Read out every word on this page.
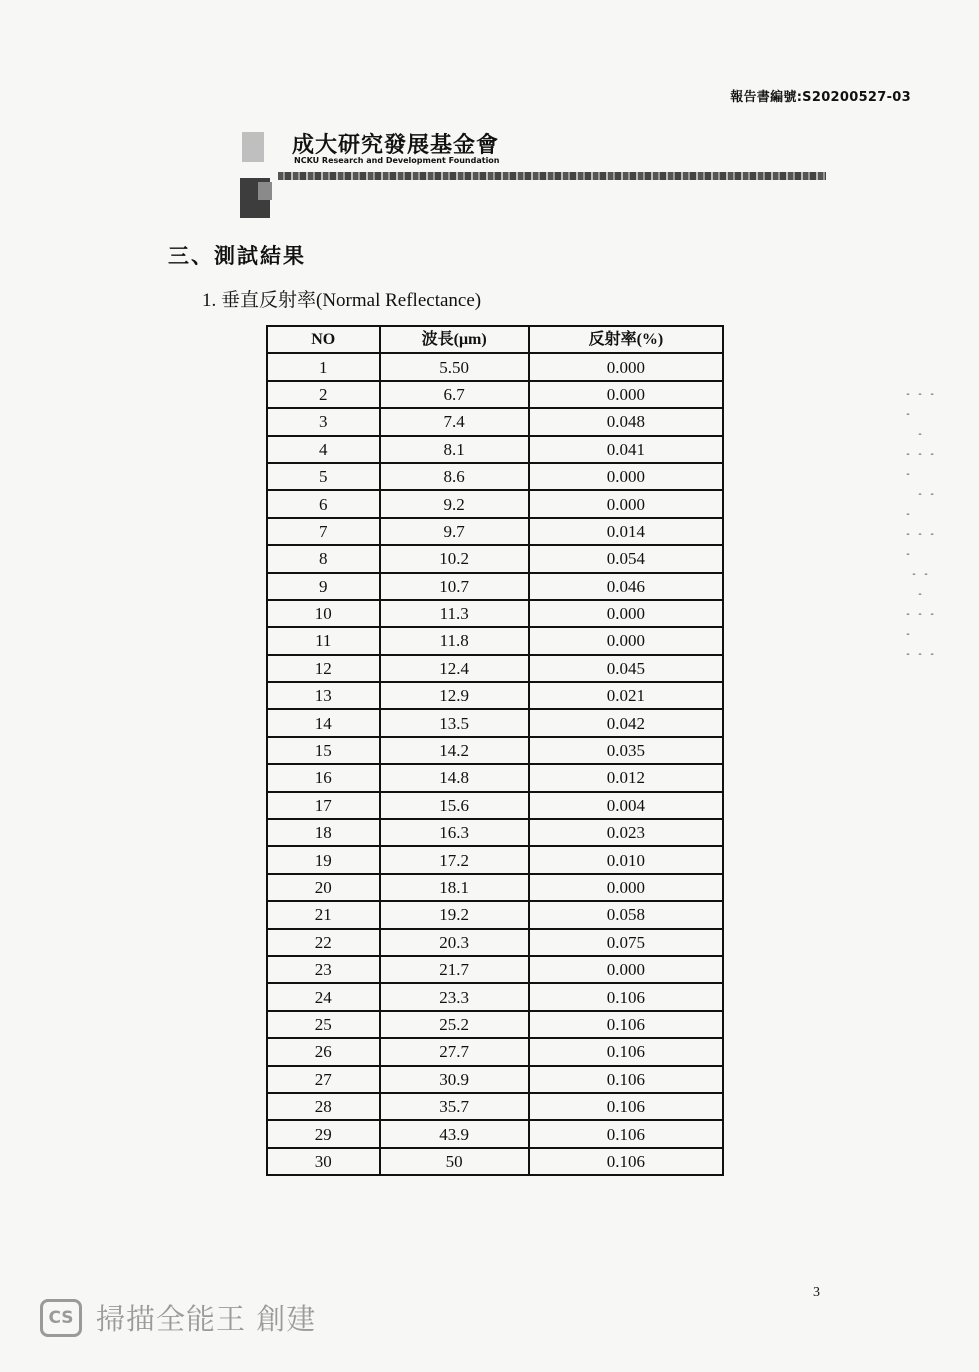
報告書編號:S20200527-03
成大研究發展基金會
NCKU Research and Development Foundation
三、測試結果
1. 垂直反射率(Normal Reflectance)
NO	波長(μm)	反射率(%)
1	5.50	0.000
2	6.7	0.000
3	7.4	0.048
4	8.1	0.041
5	8.6	0.000
6	9.2	0.000
7	9.7	0.014
8	10.2	0.054
9	10.7	0.046
10	11.3	0.000
11	11.8	0.000
12	12.4	0.045
13	12.9	0.021
14	13.5	0.042
15	14.2	0.035
16	14.8	0.012
17	15.6	0.004
18	16.3	0.023
19	17.2	0.010
20	18.1	0.000
21	19.2	0.058
22	20.3	0.075
23	21.7	0.000
24	23.3	0.106
25	25.2	0.106
26	27.7	0.106
27	30.9	0.106
28	35.7	0.106
29	43.9	0.106
30	50	0.106
- - -
-
-
- - - -
- -
-
- - - -
- -
-
- - -
-
- - -
3
CS 掃描全能王 創建
